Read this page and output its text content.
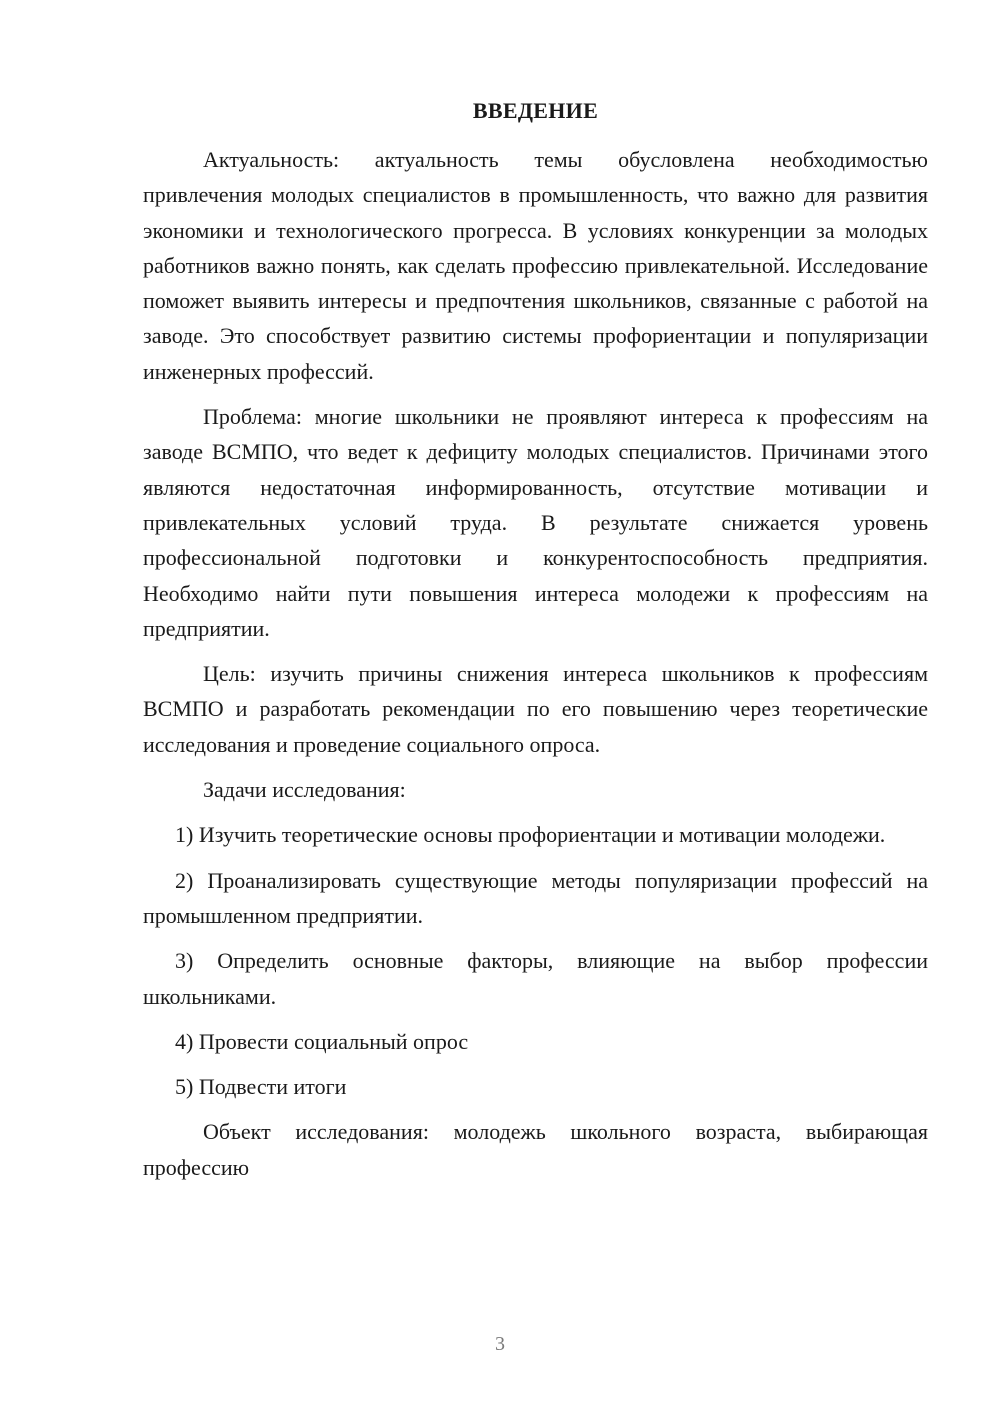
ВВЕДЕНИЕ

Актуальность: актуальность темы обусловлена необходимостью привлечения молодых специалистов в промышленность, что важно для развития экономики и технологического прогресса. В условиях конкуренции за молодых работников важно понять, как сделать профессию привлекательной. Исследование поможет выявить интересы и предпочтения школьников, связанные с работой на заводе. Это способствует развитию системы профориентации и популяризации инженерных профессий.

Проблема: многие школьники не проявляют интереса к профессиям на заводе ВСМПО, что ведет к дефициту молодых специалистов. Причинами этого являются недостаточная информированность, отсутствие мотивации и привлекательных условий труда. В результате снижается уровень профессиональной подготовки и конкурентоспособность предприятия. Необходимо найти пути повышения интереса молодежи к профессиям на предприятии.

Цель: изучить причины снижения интереса школьников к профессиям ВСМПО и разработать рекомендации по его повышению через теоретические исследования и проведение социального опроса.

Задачи исследования:

1) Изучить теоретические основы профориентации и мотивации молодежи.

2) Проанализировать существующие методы популяризации профессий на промышленном предприятии.

3) Определить основные факторы, влияющие на выбор профессии школьниками.

4) Провести социальный опрос

5) Подвести итоги

Объект исследования: молодежь школьного возраста, выбирающая профессию

3
